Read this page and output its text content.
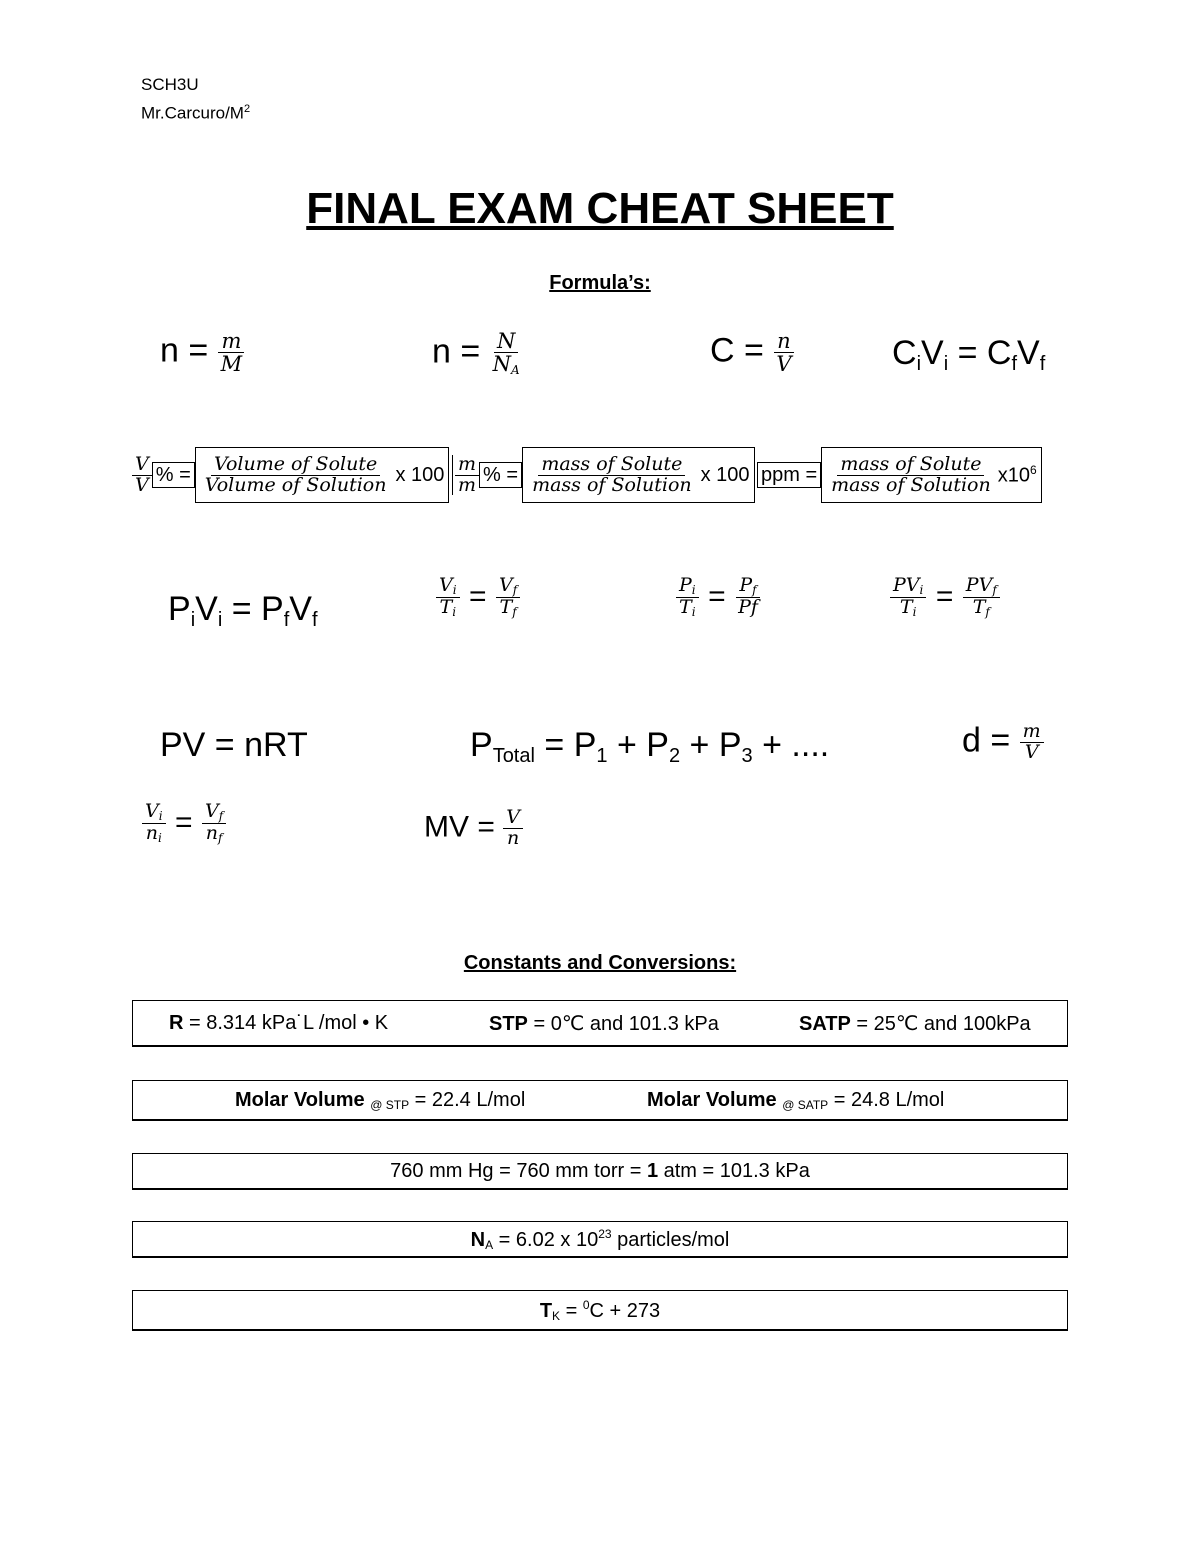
SCH3U
$Mr.Carcuro/M^2$
FINAL EXAM CHEAT SHEET
Formula’s:
$n = \frac{m}{M}$	$n = \frac{N}{N_A}$	$C = \frac{n}{V}$	$C_iV_i = C_fV_f$
$\frac{V}{V}$ % = $\frac{\text{Volume of Solute}}{\text{Volume of Solution}}$ x $100 \frac{m}{m}$ % = $\frac{\text{mass of Solute}}{\text{mass of Solution}}$ x 100 ppm = $\frac{\text{mass of Solute}}{\text{mass of Solution}} x10^6$
$P_iV_i = P_fV_f$
$\frac{V_i}{T_i} = \frac{V_f}{T_f}$	$\frac{P_i}{T_i} = \frac{P_f}{Pf}$	$\frac{PV_i}{T_i} = \frac{PV_f}{T_f}$
PV = nRT	$P_{Total} = P_1 + P_2 + P_3$ + ....	$d = \frac{m}{V}$
$\frac{V_i}{n_i} = \frac{V_f}{n_f}$	MV = $\frac{V}{n}$
Constants and Conversions:
R = 8.314 kPa˙L /mol • K	STP = 0℃ and 101.3 kPa	SATP = 25℃ and 100kPa
Molar Volume $_{@ STP}$ = 22.4 L/mol	Molar Volume $_{@ SATP}$ = 24.8 L/mol
760 mm Hg = 760 mm torr = 1 atm = 101.3 kPa
$N_A = 6.02$ x $10^{23}$ particles/mol
$T_K = ^0C + 273$
